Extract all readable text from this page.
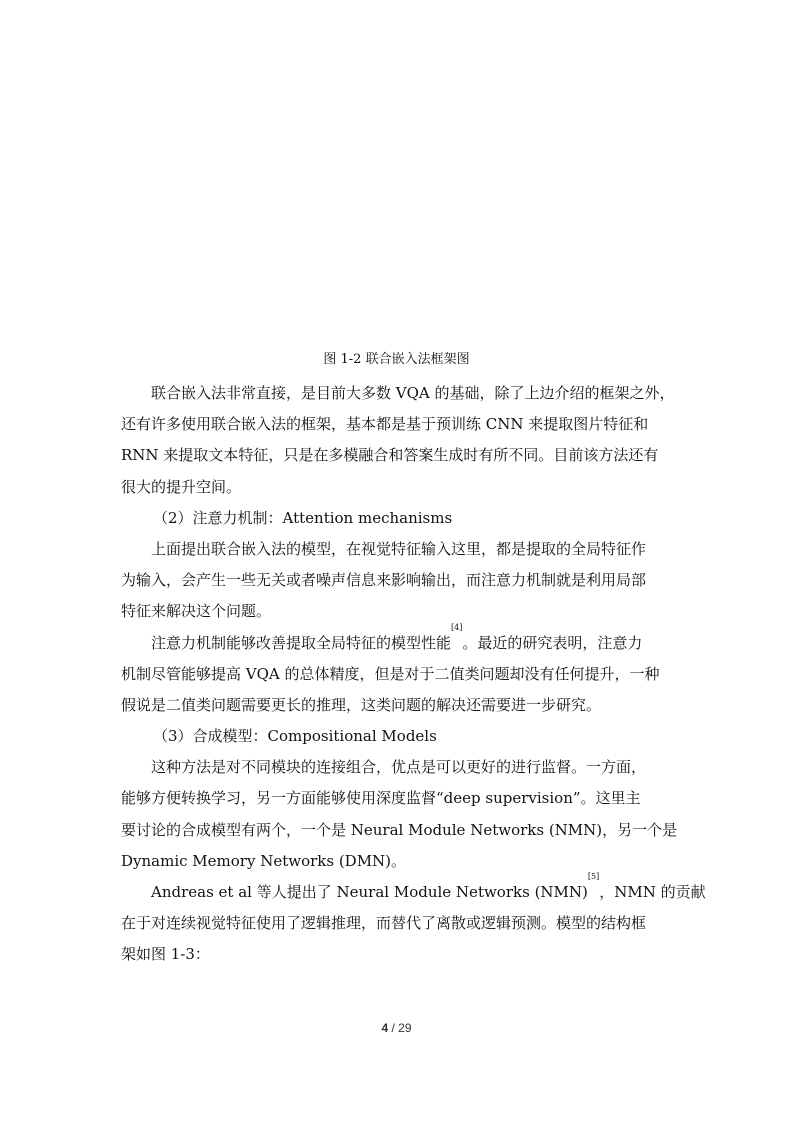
图 1-2 联合嵌入法框架图
联合嵌入法非常直接，是目前大多数 VQA 的基础，除了上边介绍的框架之外，
还有许多使用联合嵌入法的框架，基本都是基于预训练 CNN 来提取图片特征和
RNN 来提取文本特征，只是在多模融合和答案生成时有所不同。目前该方法还有
很大的提升空间。
（2）注意力机制：Attention mechanisms
上面提出联合嵌入法的模型，在视觉特征输入这里，都是提取的全局特征作
为输入，会产生一些无关或者噪声信息来影响输出，而注意力机制就是利用局部
特征来解决这个问题。
注意力机制能够改善提取全局特征的模型性能
[4]
。最近的研究表明，注意力
机制尽管能够提高 VQA 的总体精度，但是对于二值类问题却没有任何提升，一种
假说是二值类问题需要更长的推理，这类问题的解决还需要进一步研究。
（3）合成模型：Compositional Models
这种方法是对不同模块的连接组合，优点是可以更好的进行监督。一方面，
能够方便转换学习，另一方面能够使用深度监督“deep supervision”。这里主
要讨论的合成模型有两个，一个是 Neural Module Networks (NMN)，另一个是
Dynamic Memory Networks (DMN)。
Andreas et al 等人提出了 Neural Module Networks (NMN)
[5]
，NMN 的贡献
在于对连续视觉特征使用了逻辑推理，而替代了离散或逻辑预测。模型的结构框
架如图 1-3：
4 / 29
